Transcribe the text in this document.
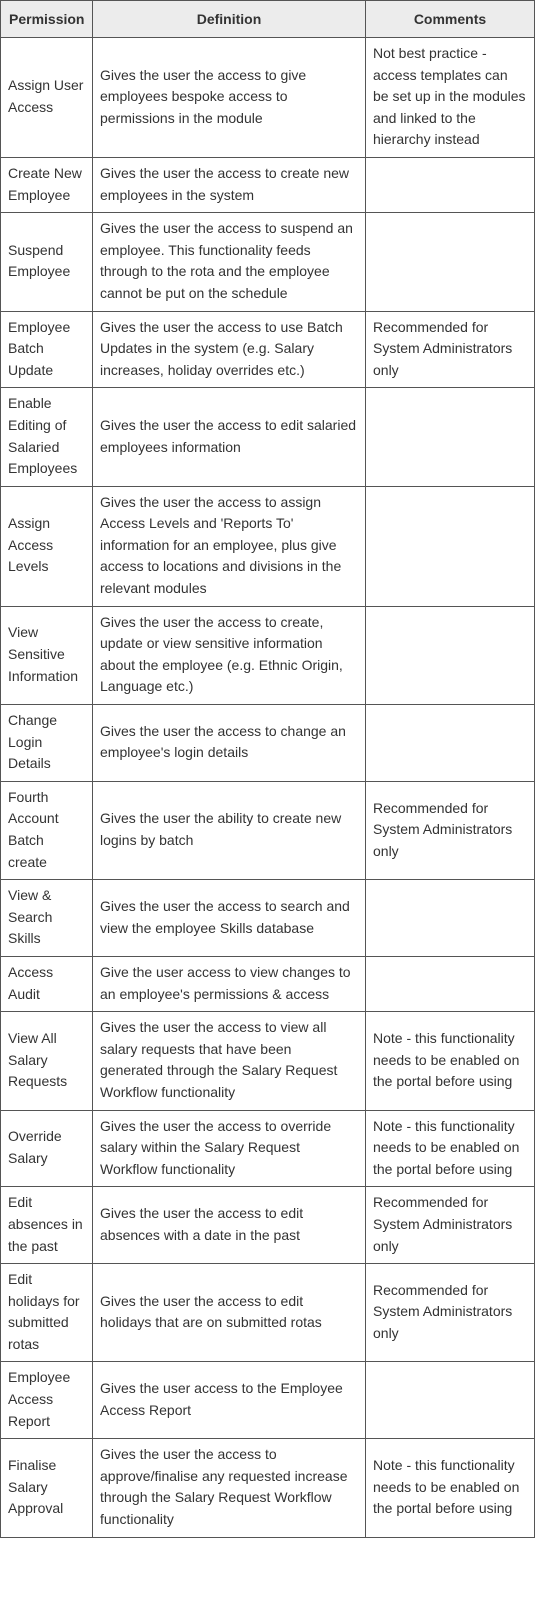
Permission	Definition	Comments
Assign User Access	Gives the user the access to give employees bespoke access to permissions in the module	Not best practice - access templates can be set up in the modules and linked to the hierarchy instead
Create New Employee	Gives the user the access to create new employees in the system	
Suspend Employee	Gives the user the access to suspend an employee. This functionality feeds through to the rota and the employee cannot be put on the schedule	
Employee Batch Update	Gives the user the access to use Batch Updates in the system (e.g. Salary increases, holiday overrides etc.)	Recommended for System Administrators only
Enable Editing of Salaried Employees	Gives the user the access to edit salaried employees information	
Assign Access Levels	Gives the user the access to assign Access Levels and 'Reports To' information for an employee, plus give access to locations and divisions in the relevant modules	
View Sensitive Information	Gives the user the access to create, update or view sensitive information about the employee (e.g. Ethnic Origin, Language etc.)	
Change Login Details	Gives the user the access to change an employee's login details	
Fourth Account Batch create	Gives the user the ability to create new logins by batch	Recommended for System Administrators only
View & Search Skills	Gives the user the access to search and view the employee Skills database	
Access Audit	Give the user access to view changes to an employee's permissions & access	
View All Salary Requests	Gives the user the access to view all salary requests that have been generated through the Salary Request Workflow functionality	Note - this functionality needs to be enabled on the portal before using
Override Salary	Gives the user the access to override salary within the Salary Request Workflow functionality	Note - this functionality needs to be enabled on the portal before using
Edit absences in the past	Gives the user the access to edit absences with a date in the past	Recommended for System Administrators only
Edit holidays for submitted rotas	Gives the user the access to edit holidays that are on submitted rotas	Recommended for System Administrators only
Employee Access Report	Gives the user access to the Employee Access Report	
Finalise Salary Approval	Gives the user the access to approve/finalise any requested increase through the Salary Request Workflow functionality	Note - this functionality needs to be enabled on the portal before using
